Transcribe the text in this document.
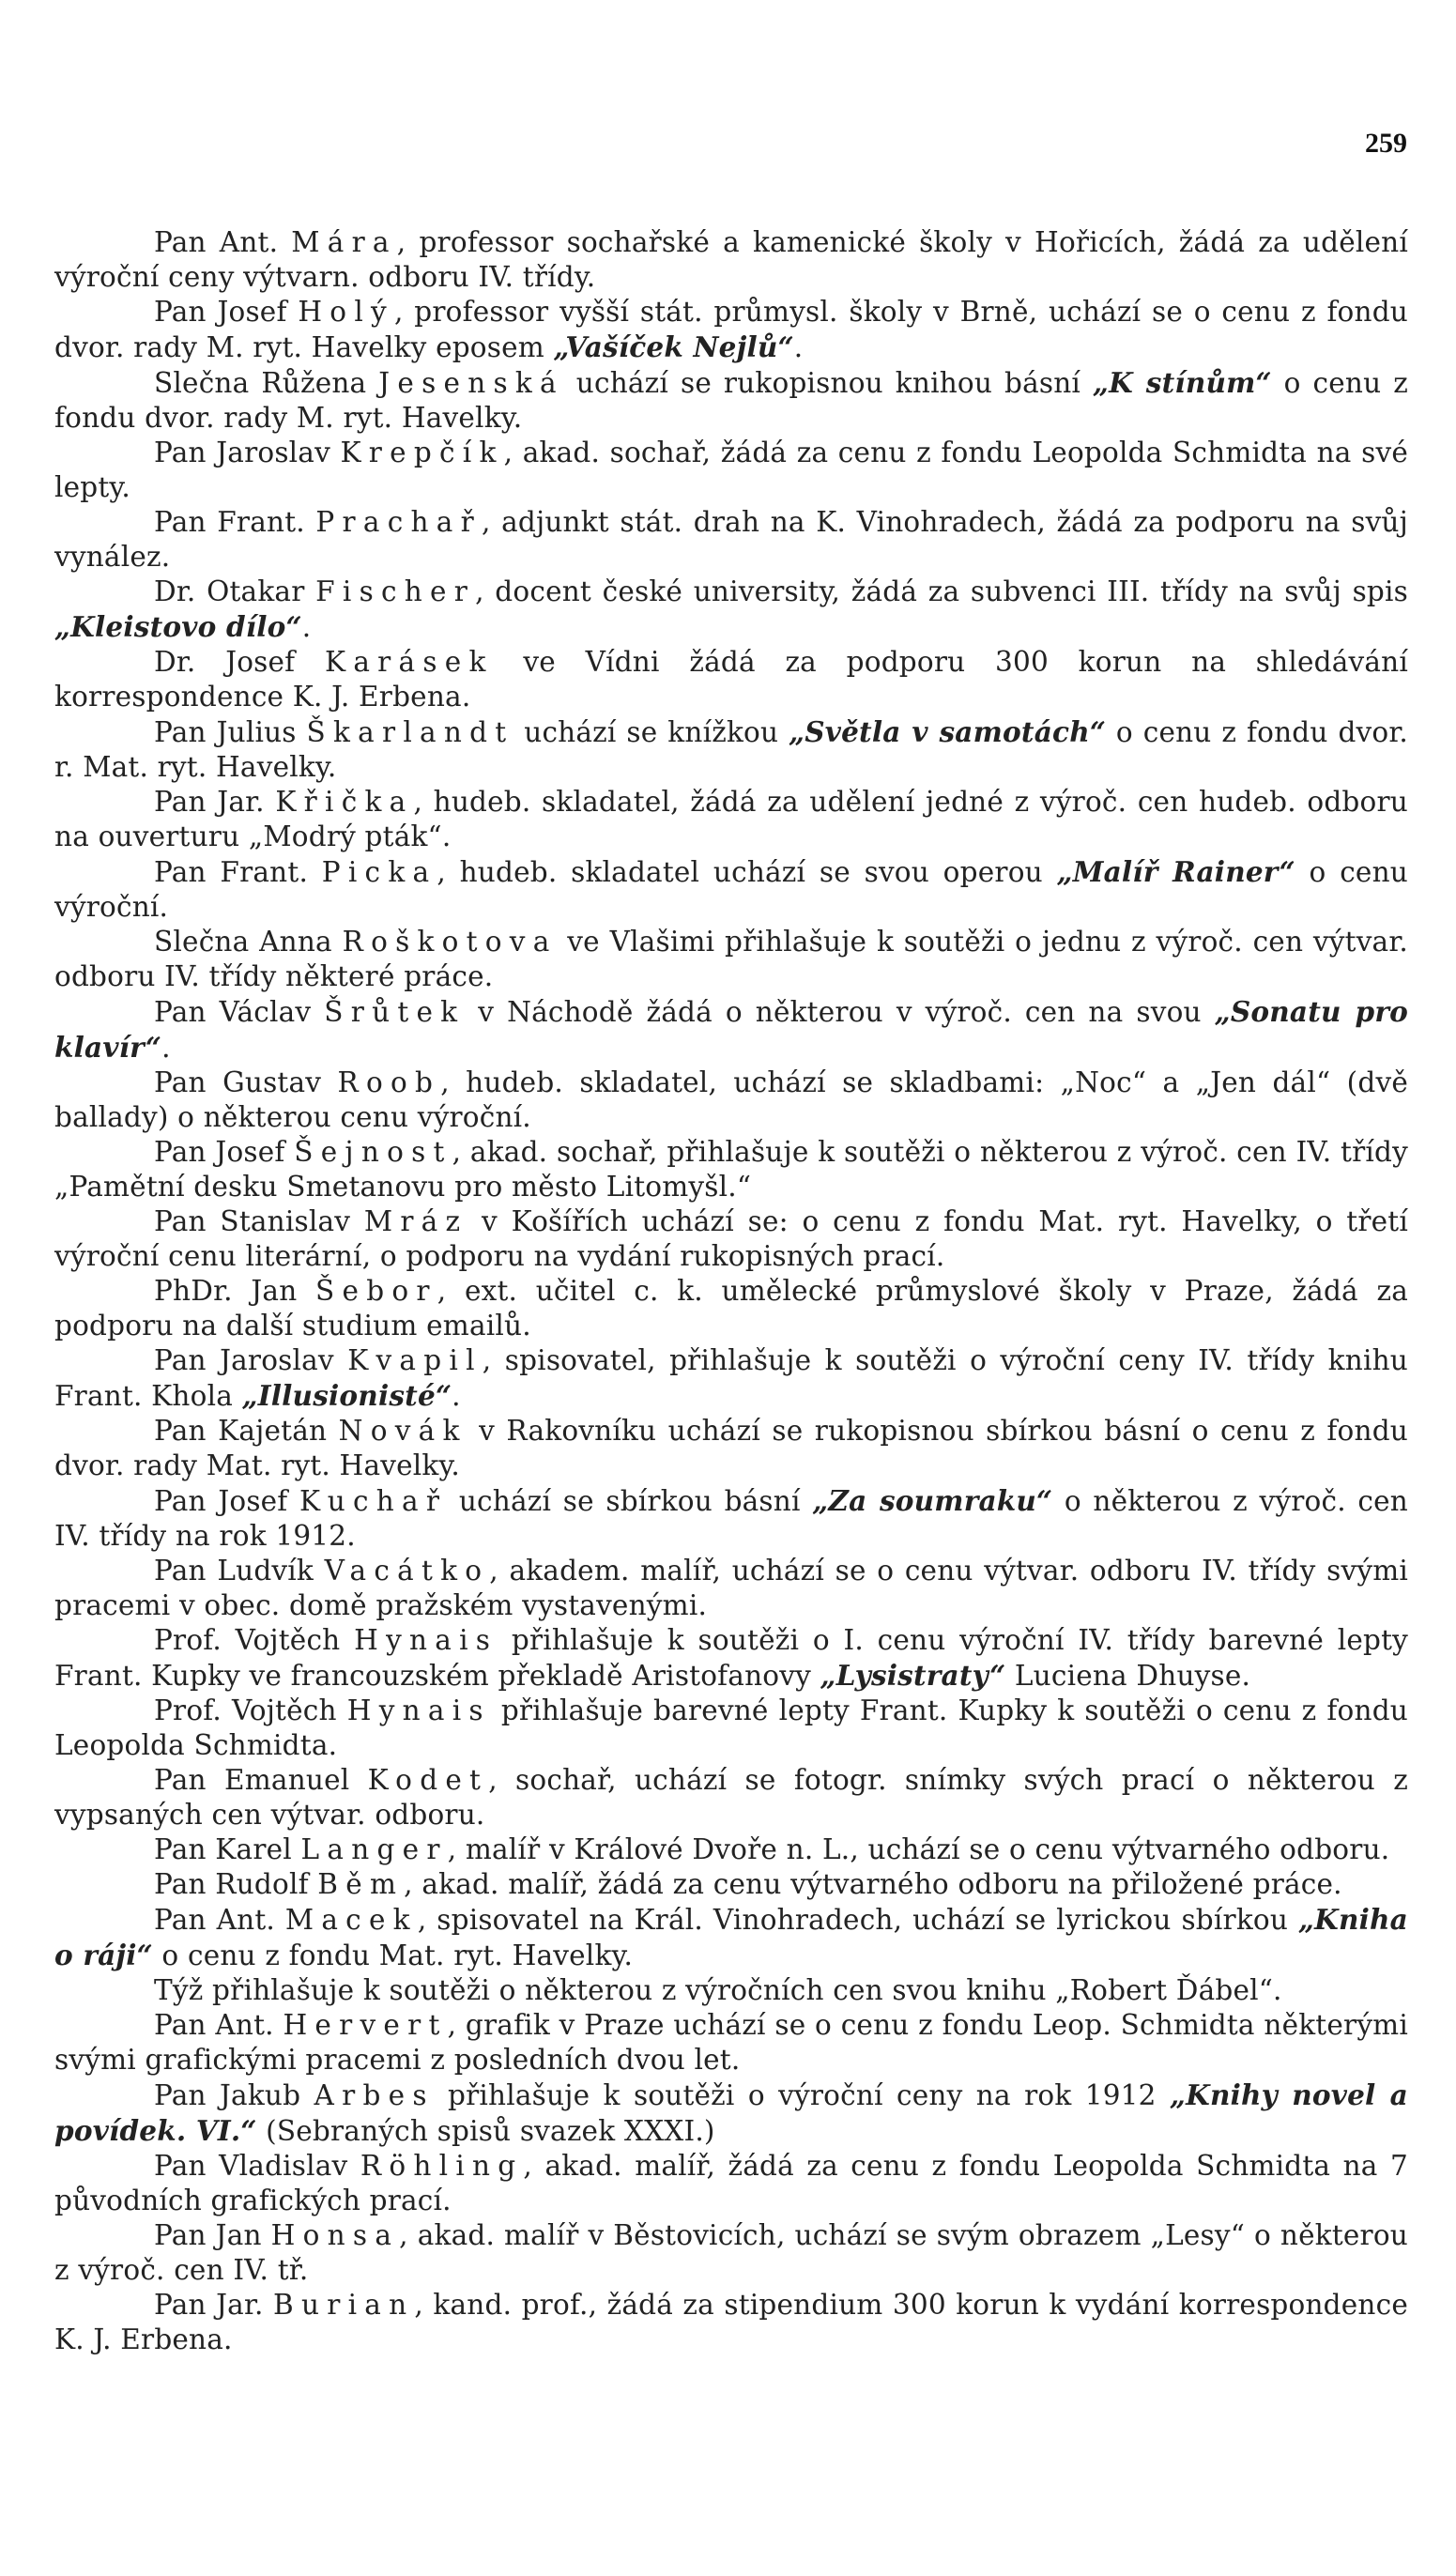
259

Pan Ant. Mára, professor sochařské a kamenické školy v Hořicích, žádá za udělení výroční ceny výtvarn. odboru IV. třídy.

Pan Josef Holý, professor vyšší stát. průmysl. školy v Brně, uchází se o cenu z fondu dvor. rady M. ryt. Havelky eposem „Vašíček Nejlů“.

Slečna Růžena Jesenská uchází se rukopisnou knihou básní „K stínům“ o cenu z fondu dvor. rady M. ryt. Havelky.

Pan Jaroslav Krepčík, akad. sochař, žádá za cenu z fondu Leopolda Schmidta na své lepty.

Pan Frant. Prachař, adjunkt stát. drah na K. Vinohradech, žádá za podporu na svůj vynález.

Dr. Otakar Fischer, docent české university, žádá za subvenci III. třídy na svůj spis „Kleistovo dílo“.

Dr. Josef Karásek ve Vídni žádá za podporu 300 korun na shledávání korrespondence K. J. Erbena.

Pan Julius Škarlandt uchází se knížkou „Světla v samotách“ o cenu z fondu dvor. r. Mat. ryt. Havelky.

Pan Jar. Křička, hudeb. skladatel, žádá za udělení jedné z výroč. cen hudeb. odboru na ouverturu „Modrý pták“.

Pan Frant. Picka, hudeb. skladatel uchází se svou operou „Malíř Rainer“ o cenu výroční.

Slečna Anna Roškotova ve Vlašimi přihlašuje k soutěži o jednu z výroč. cen výtvar. odboru IV. třídy některé práce.

Pan Václav Šrůtek v Náchodě žádá o některou v výroč. cen na svou „Sonatu pro klavír“.

Pan Gustav Roob, hudeb. skladatel, uchází se skladbami: „Noc“ a „Jen dál“ (dvě ballady) o některou cenu výroční.

Pan Josef Šejnost, akad. sochař, přihlašuje k soutěži o některou z výroč. cen IV. třídy „Pamětní desku Smetanovu pro město Litomyšl.“

Pan Stanislav Mráz v Košířích uchází se: o cenu z fondu Mat. ryt. Havelky, o třetí výroční cenu literární, o podporu na vydání rukopisných prací.

PhDr. Jan Šebor, ext. učitel c. k. umělecké průmyslové školy v Praze, žádá za podporu na další studium emailů.

Pan Jaroslav Kvapil, spisovatel, přihlašuje k soutěži o výroční ceny IV. třídy knihu Frant. Khola „Illusionisté“.

Pan Kajetán Novák v Rakovníku uchází se rukopisnou sbírkou básní o cenu z fondu dvor. rady Mat. ryt. Havelky.

Pan Josef Kuchař uchází se sbírkou básní „Za soumraku“ o některou z výroč. cen IV. třídy na rok 1912.

Pan Ludvík Vacátko, akadem. malíř, uchází se o cenu výtvar. odboru IV. třídy svými pracemi v obec. domě pražském vystavenými.

Prof. Vojtěch Hynais přihlašuje k soutěži o I. cenu výroční IV. třídy barevné lepty Frant. Kupky ve francouzském překladě Aristofanovy „Lysistraty“ Luciena Dhuyse.

Prof. Vojtěch Hynais přihlašuje barevné lepty Frant. Kupky k soutěži o cenu z fondu Leopolda Schmidta.

Pan Emanuel Kodet, sochař, uchází se fotogr. snímky svých prací o některou z vypsaných cen výtvar. odboru.

Pan Karel Langer, malíř v Králové Dvoře n. L., uchází se o cenu výtvarného odboru.

Pan Rudolf Běm, akad. malíř, žádá za cenu výtvarného odboru na přiložené práce.

Pan Ant. Macek, spisovatel na Král. Vinohradech, uchází se lyrickou sbírkou „Kniha o ráji“ o cenu z fondu Mat. ryt. Havelky.

Týž přihlašuje k soutěži o některou z výročních cen svou knihu „Robert Ďábel“.

Pan Ant. Hervert, grafik v Praze uchází se o cenu z fondu Leop. Schmidta některými svými grafickými pracemi z posledních dvou let.

Pan Jakub Arbes přihlašuje k soutěži o výroční ceny na rok 1912 „Knihy novel a povídek. VI.“ (Sebraných spisů svazek XXXI.)

Pan Vladislav Röhling, akad. malíř, žádá za cenu z fondu Leopolda Schmidta na 7 původních grafických prací.

Pan Jan Honsa, akad. malíř v Běstovicích, uchází se svým obrazem „Lesy“ o některou z výroč. cen IV. tř.

Pan Jar. Burian, kand. prof., žádá za stipendium 300 korun k vydání korrespondence K. J. Erbena.
